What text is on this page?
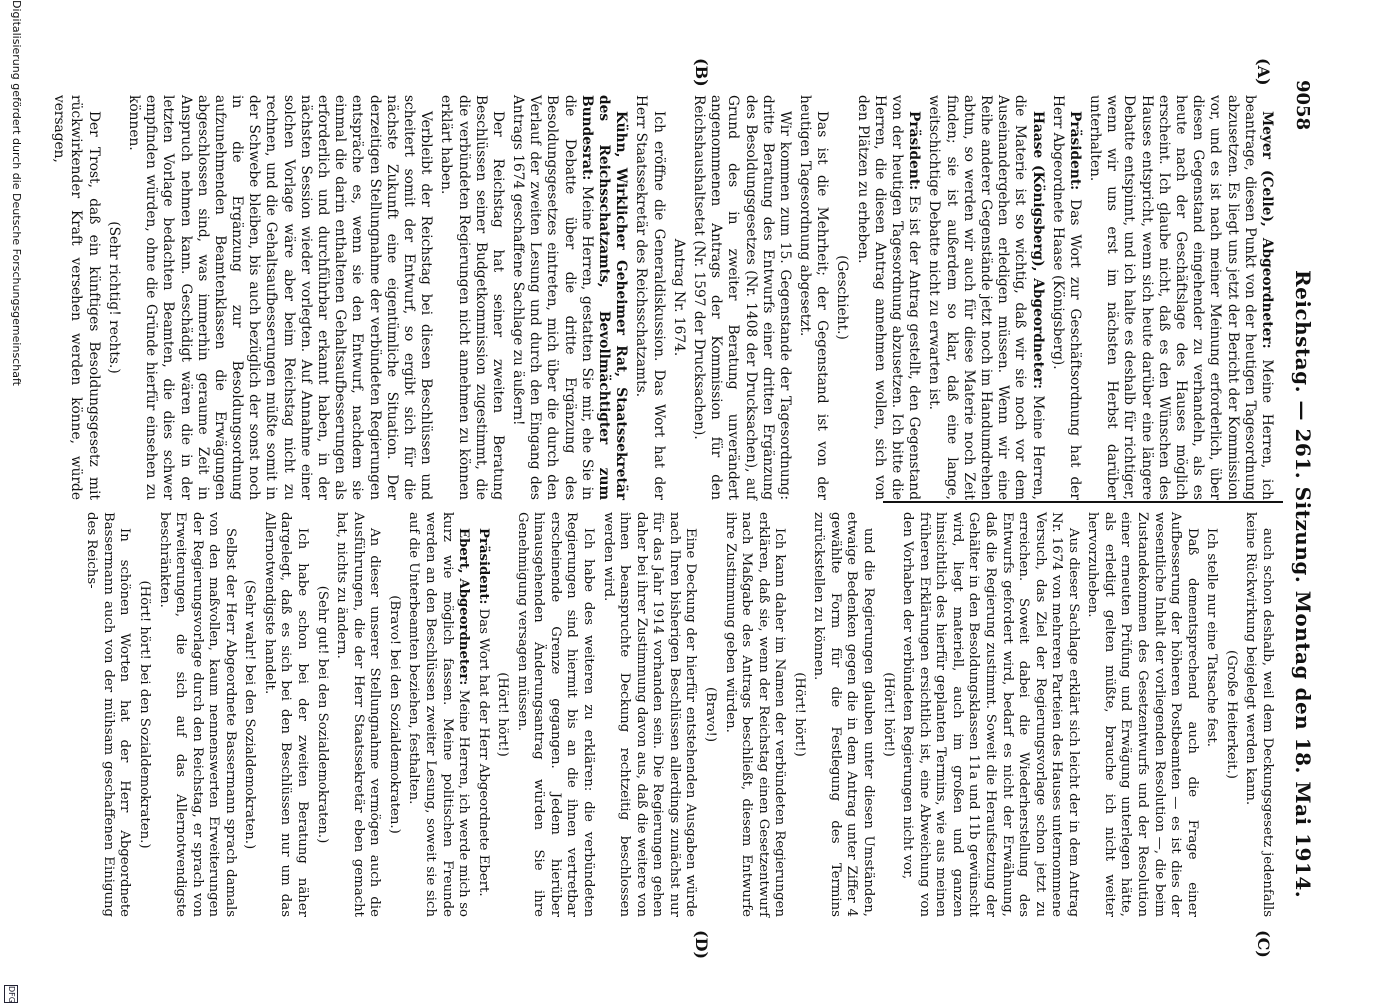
9058
Reichstag. — 261. Sitzung. Montag den 18. Mai 1914.
(A)
(B)
(C)
(D)

Meyer (Celle), Abgeordneter: Meine Herren, ich beantrage, diesen Punkt von der heutigen Tagesordnung abzusetzen. Es liegt uns jetzt der Bericht der Kommission vor, und es ist nach meiner Meinung erforderlich, über diesen Gegenstand eingehender zu verhandeln, als es heute nach der Geschäftslage des Hauses möglich erscheint. Ich glaube nicht, daß es den Wünschen des Hauses entspricht, wenn sich heute darüber eine längere Debatte entspinnt, und ich halte es deshalb für richtiger, wenn wir uns erst im nächsten Herbst darüber unterhalten.

Präsident: Das Wort zur Geschäftsordnung hat der Herr Abgeordnete Haase (Königsberg).

Haase (Königsberg), Abgeordneter: Meine Herren, die Materie ist so wichtig, daß wir sie noch vor dem Auseinandergehen erledigen müssen. Wenn wir eine Reihe anderer Gegenstände jetzt noch im Handumdrehen abtun, so werden wir auch für diese Materie noch Zeit finden; sie ist außerdem so klar, daß eine lange, weitschichtige Debatte nicht zu erwarten ist.

Präsident: Es ist der Antrag gestellt, den Gegenstand von der heutigen Tagesordnung abzusetzen. Ich bitte die Herren, die diesen Antrag annehmen wollen, sich von den Plätzen zu erheben.

(Geschieht.)

Das ist die Mehrheit; der Gegenstand ist von der heutigen Tagesordnung abgesetzt.

Wir kommen zum 15. Gegenstande der Tagesordnung: dritte Beratung des Entwurfs einer dritten Ergänzung des Besoldungsgesetzes (Nr. 1408 der Drucksachen), auf Grund des in zweiter Beratung unverändert angenommenen Antrags der Kommission für den Reichshaushaltsetat (Nr. 1597 der Drucksachen).

Antrag Nr. 1674.

Ich eröffne die Generaldiskussion. Das Wort hat der Herr Staatssekretär des Reichsschatzamts.

Kühn, Wirklicher Geheimer Rat, Staatssekretär des Reichsschatzamts, Bevollmächtigter zum Bundesrat: Meine Herren, gestatten Sie mir, ehe Sie in die Debatte über die dritte Ergänzung des Besoldungsgesetzes eintreten, mich über die durch den Verlauf der zweiten Lesung und durch den Eingang des Antrags 1674 geschaffene Sachlage zu äußern!

Der Reichstag hat seiner zweiten Beratung Beschlüssen seiner Budgetkommission zugestimmt, die die verbündeten Regierungen nicht annehmen zu können erklärt haben.

Verbleibt der Reichstag bei diesen Beschlüssen und scheitert somit der Entwurf, so ergibt sich für die nächste Zukunft eine eigentümliche Situation. Der derzeitigen Stellungnahme der verbündeten Regierungen entspräche es, wenn sie den Entwurf, nachdem sie einmal die darin enthaltenen Gehaltsaufbesserungen als erforderlich und durchführbar erkannt haben, in der nächsten Session wieder vorlegten. Auf Annahme einer solchen Vorlage wäre aber beim Reichstag nicht zu rechnen, und die Gehaltsaufbesserungen müßte somit in der Schwebe bleiben, bis auch bezüglich der sonst noch in die Ergänzung zur Besoldungsordnung aufzunehmenden Beamtenklassen die Erwägungen abgeschlossen sind, was immerhin geraume Zeit in Anspruch nehmen kann. Geschädigt wären die in der letzten Vorlage bedachten Beamten, die dies schwer empfinden würden, ohne die Gründe hierfür einsehen zu können.

(Sehr richtig! rechts.)

Der Trost, daß ein künftiges Besoldungsgesetz mit rückwirkender Kraft versehen werden könne, würde versagen,

auch schon deshalb, weil dem Deckungsgesetz jedenfalls keine Rückwirkung beigelegt werden kann.

(Große Heiterkeit.)

Ich stelle nur eine Tatsache fest.

Daß dementsprechend auch die Frage einer Aufbesserung der höheren Postbeamten — es ist dies der wesentliche Inhalt der vorliegenden Resolution —, die beim Zustandekommen des Gesetzentwurfs und der Resolution einer erneuten Prüfung und Erwägung unterlegen hätte, als erledigt gelten müßte, brauche ich nicht weiter hervorzuheben.

Aus dieser Sachlage erklärt sich leicht der in dem Antrag Nr. 1674 von mehreren Parteien des Hauses unternommene Versuch, das Ziel der Regierungsvorlage schon jetzt zu erreichen. Soweit dabei die Wiederherstellung des Entwurfs gefordert wird, bedarf es nicht der Erwähnung, daß die Regierung zustimmt. Soweit die Heraufsetzung der Gehälter in den Besoldungsklassen 11a und 11b gewünscht wird, liegt materiell, auch im großen und ganzen hinsichtlich des hierfür geplanten Termins, wie aus meinen früheren Erklärungen ersichtlich ist, eine Abweichung von den Vorhaben der verbündeten Regierungen nicht vor,

(Hört! hört!)

und die Regierungen glauben unter diesen Umständen, etwaige Bedenken gegen die in dem Antrag unter Ziffer 4 gewählte Form für die Festlegung des Termins zurückstellen zu können.

(Hört! hört!)

Ich kann daher im Namen der verbündeten Regierungen erklären, daß sie, wenn der Reichstag einen Gesetzentwurf nach Maßgabe des Antrags beschließt, diesem Entwurfe ihre Zustimmung geben würden.

(Bravo!)

Eine Deckung der hierfür entstehenden Ausgaben würde nach Ihren bisherigen Beschlüssen allerdings zunächst nur für das Jahr 1914 vorhanden sein. Die Regierungen gehen daher bei ihrer Zustimmung davon aus, daß die weitere von ihnen beanspruchte Deckung rechtzeitig beschlossen werden wird.

Ich habe des weiteren zu erklären: die verbündeten Regierungen sind hiermit bis an die ihnen vertretbar erscheinende Grenze gegangen. Jedem hierüber hinausgehenden Änderungsantrag würden Sie ihre Genehmigung versagen müssen.

(Hört! hört!)

Präsident: Das Wort hat der Herr Abgeordnete Ebert.

Ebert, Abgeordneter: Meine Herren, ich werde mich so kurz wie möglich fassen. Meine politischen Freunde werden an den Beschlüssen zweiter Lesung, soweit sie sich auf die Unterbeamten beziehen, festhalten.

(Bravo! bei den Sozialdemokraten.)

An dieser unserer Stellungnahme vermögen auch die Ausführungen, die der Herr Staatssekretär eben gemacht hat, nichts zu ändern.

(Sehr gut! bei den Sozialdemokraten.)

Ich habe schon bei der zweiten Beratung näher dargelegt, daß es sich bei den Beschlüssen nur um das Allernotwendigste handelt.

(Sehr wahr! bei den Sozialdemokraten.)

Selbst der Herr Abgeordnete Bassermann sprach damals von den maßvollen, kaum nennenswerten Erweiterungen der Regierungsvorlage durch den Reichstag, er sprach von Erweiterungen, die sich auf das Allernotwendigste beschränkten.

(Hört! hört! bei den Sozialdemokraten.)

In schönen Worten hat der Herr Abgeordnete Bassermann auch von der mühsam geschaffenen Einigung des Reichs-

Digitalisierung gefördert durch die Deutsche Forschungsgemeinschaft
DFG
